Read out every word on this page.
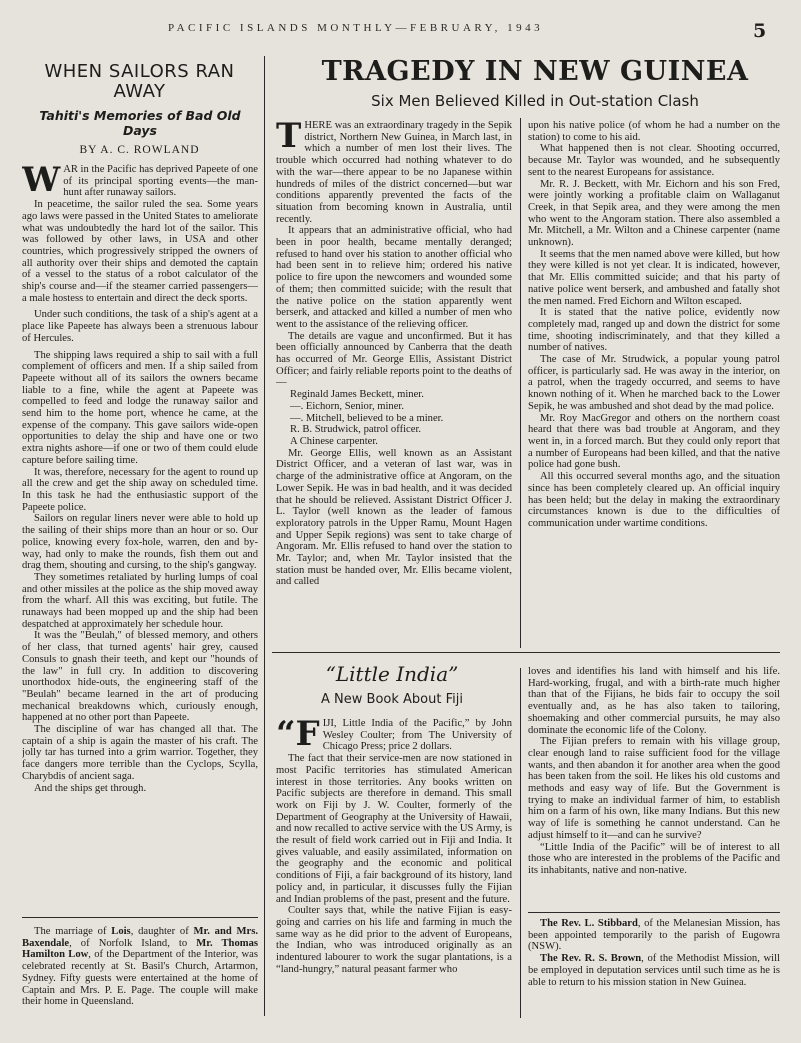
PACIFIC ISLANDS MONTHLY—FEBRUARY, 1943	5
WHEN SAILORS RAN AWAY
Tahiti's Memories of Bad Old Days
BY A. C. ROWLAND
W AR in the Pacific has deprived Papeete of one of its principal sporting events—the man-hunt after runaway sailors.

In peacetime, the sailor ruled the sea. Some years ago laws were passed in the United States to ameliorate what was undoubtedly the hard lot of the sailor. This was followed by other laws, in USA and other countries, which progressively stripped the owners of all authority over their ships and demoted the captain of a vessel to the status of a robot calculator of the ship's course and—if the steamer carried passengers—a male hostess to entertain and direct the deck sports.

Under such conditions, the task of a ship's agent at a place like Papeete has always been a strenuous labour of Hercules.

The shipping laws required a ship to sail with a full complement of officers and men. If a ship sailed from Papeete without all of its sailors the owners became liable to a fine, while the agent at Papeete was compelled to feed and lodge the runaway sailor and send him to the home port, whence he came, at the expense of the company. This gave sailors wide-open opportunities to delay the ship and have one or two extra nights ashore—if one or two of them could elude capture before sailing time.

It was, therefore, necessary for the agent to round up all the crew and get the ship away on scheduled time. In this task he had the enthusiastic support of the Papeete police.

Sailors on regular liners never were able to hold up the sailing of their ships more than an hour or so. Our police, knowing every fox-hole, warren, den and by-way, had only to make the rounds, fish them out and drag them, shouting and cursing, to the ship's gangway.

They sometimes retaliated by hurling lumps of coal and other missiles at the police as the ship moved away from the wharf. All this was exciting, but futile. The runaways had been mopped up and the ship had been despatched at approximately her schedule hour.

It was the "Beulah," of blessed memory, and others of her class, that turned agents' hair grey, caused Consuls to gnash their teeth, and kept our "hounds of the law" in full cry. In addition to discovering unorthodox hide-outs, the engineering staff of the "Beulah" became learned in the art of producing mechanical breakdowns which, curiously enough, happened at no other port than Papeete.

The discipline of war has changed all that. The captain of a ship is again the master of his craft. The jolly tar has turned into a grim warrior. Together, they face dangers more terrible than the Cyclops, Scylla, Charybdis of ancient saga.

And the ships get through.

The marriage of Lois, daughter of Mr. and Mrs. Baxendale, of Norfolk Island, to Mr. Thomas Hamilton Low, of the Department of the Interior, was celebrated recently at St. Basil's Church, Artarmon, Sydney. Fifty guests were entertained at the home of Captain and Mrs. P. E. Page. The couple will make their home in Queensland.

TRAGEDY IN NEW GUINEA
Six Men Believed Killed in Out-station Clash
T HERE was an extraordinary tragedy in the Sepik district, Northern New Guinea, in March last, in which a number of men lost their lives. The trouble which occurred had nothing whatever to do with the war—there appear to be no Japanese within hundreds of miles of the district concerned—but war conditions apparently prevented the facts of the situation from becoming known in Australia, until recently.

It appears that an administrative official, who had been in poor health, became mentally deranged; refused to hand over his station to another official who had been sent in to relieve him; ordered his native police to fire upon the newcomers and wounded some of them; then committed suicide; with the result that the native police on the station apparently went berserk, and attacked and killed a number of men who went to the assistance of the relieving officer.

The details are vague and unconfirmed. But it has been officially announced by Canberra that the death has occurred of Mr. George Ellis, Assistant District Officer; and fairly reliable reports point to the deaths of—

Reginald James Beckett, miner.

—. Eichorn, Senior, miner.

—. Mitchell, believed to be a miner.

R. B. Strudwick, patrol officer.

A Chinese carpenter.

Mr. George Ellis, well known as an Assistant District Officer, and a veteran of last war, was in charge of the administrative office at Angoram, on the Lower Sepik. He was in bad health, and it was decided that he should be relieved. Assistant District Officer J. L. Taylor (well known as the leader of famous exploratory patrols in the Upper Ramu, Mount Hagen and Upper Sepik regions) was sent to take charge of Angoram. Mr. Ellis refused to hand over the station to Mr. Taylor; and, when Mr. Taylor insisted that the station must be handed over, Mr. Ellis became violent, and called

upon his native police (of whom he had a number on the station) to come to his aid.

What happened then is not clear. Shooting occurred, because Mr. Taylor was wounded, and he subsequently sent to the nearest Europeans for assistance.

Mr. R. J. Beckett, with Mr. Eichorn and his son Fred, were jointly working a profitable claim on Wallaganut Creek, in that Sepik area, and they were among the men who went to the Angoram station. There also assembled a Mr. Mitchell, a Mr. Wilton and a Chinese carpenter (name unknown).

It seems that the men named above were killed, but how they were killed is not yet clear. It is indicated, however, that Mr. Ellis committed suicide; and that his party of native police went berserk, and ambushed and fatally shot the men named. Fred Eichorn and Wilton escaped.

It is stated that the native police, evidently now completely mad, ranged up and down the district for some time, shooting indiscriminately, and that they killed a number of natives.

The case of Mr. Strudwick, a popular young patrol officer, is particularly sad. He was away in the interior, on a patrol, when the tragedy occurred, and seems to have known nothing of it. When he marched back to the Lower Sepik, he was ambushed and shot dead by the mad police.

Mr. Roy MacGregor and others on the northern coast heard that there was bad trouble at Angoram, and they went in, in a forced march. But they could only report that a number of Europeans had been killed, and that the native police had gone bush.

All this occurred several months ago, and the situation since has been completely cleared up. An official inquiry has been held; but the delay in making the extraordinary circumstances known is due to the difficulties of communication under wartime conditions.

“Little India”
A New Book About Fiji
“F IJI, Little India of the Pacific,” by John Wesley Coulter; from The University of Chicago Press; price 2 dollars.

The fact that their service-men are now stationed in most Pacific territories has stimulated American interest in those territories. Any books written on Pacific subjects are therefore in demand. This small work on Fiji by J. W. Coulter, formerly of the Department of Geography at the University of Hawaii, and now recalled to active service with the US Army, is the result of field work carried out in Fiji and India. It gives valuable, and easily assimilated, information on the geography and the economic and political conditions of Fiji, a fair background of its history, land policy and, in particular, it discusses fully the Fijian and Indian problems of the past, present and the future.

Coulter says that, while the native Fijian is easy-going and carries on his life and farming in much the same way as he did prior to the advent of Europeans, the Indian, who was introduced originally as an indentured labourer to work the sugar plantations, is a “land-hungry,” natural peasant farmer who

loves and identifies his land with himself and his life. Hard-working, frugal, and with a birth-rate much higher than that of the Fijians, he bids fair to occupy the soil eventually and, as he has also taken to tailoring, shoemaking and other commercial pursuits, he may also dominate the economic life of the Colony.

The Fijian prefers to remain with his village group, clear enough land to raise sufficient food for the village wants, and then abandon it for another area when the good has been taken from the soil. He likes his old customs and methods and easy way of life. But the Government is trying to make an individual farmer of him, to establish him on a farm of his own, like many Indians. But this new way of life is something he cannot understand. Can he adjust himself to it—and can he survive?

“Little India of the Pacific” will be of interest to all those who are interested in the problems of the Pacific and its inhabitants, native and non-native.

The Rev. L. Stibbard, of the Melanesian Mission, has been appointed temporarily to the parish of Eugowra (NSW).

The Rev. R. S. Brown, of the Methodist Mission, will be employed in deputation services until such time as he is able to return to his mission station in New Guinea.
